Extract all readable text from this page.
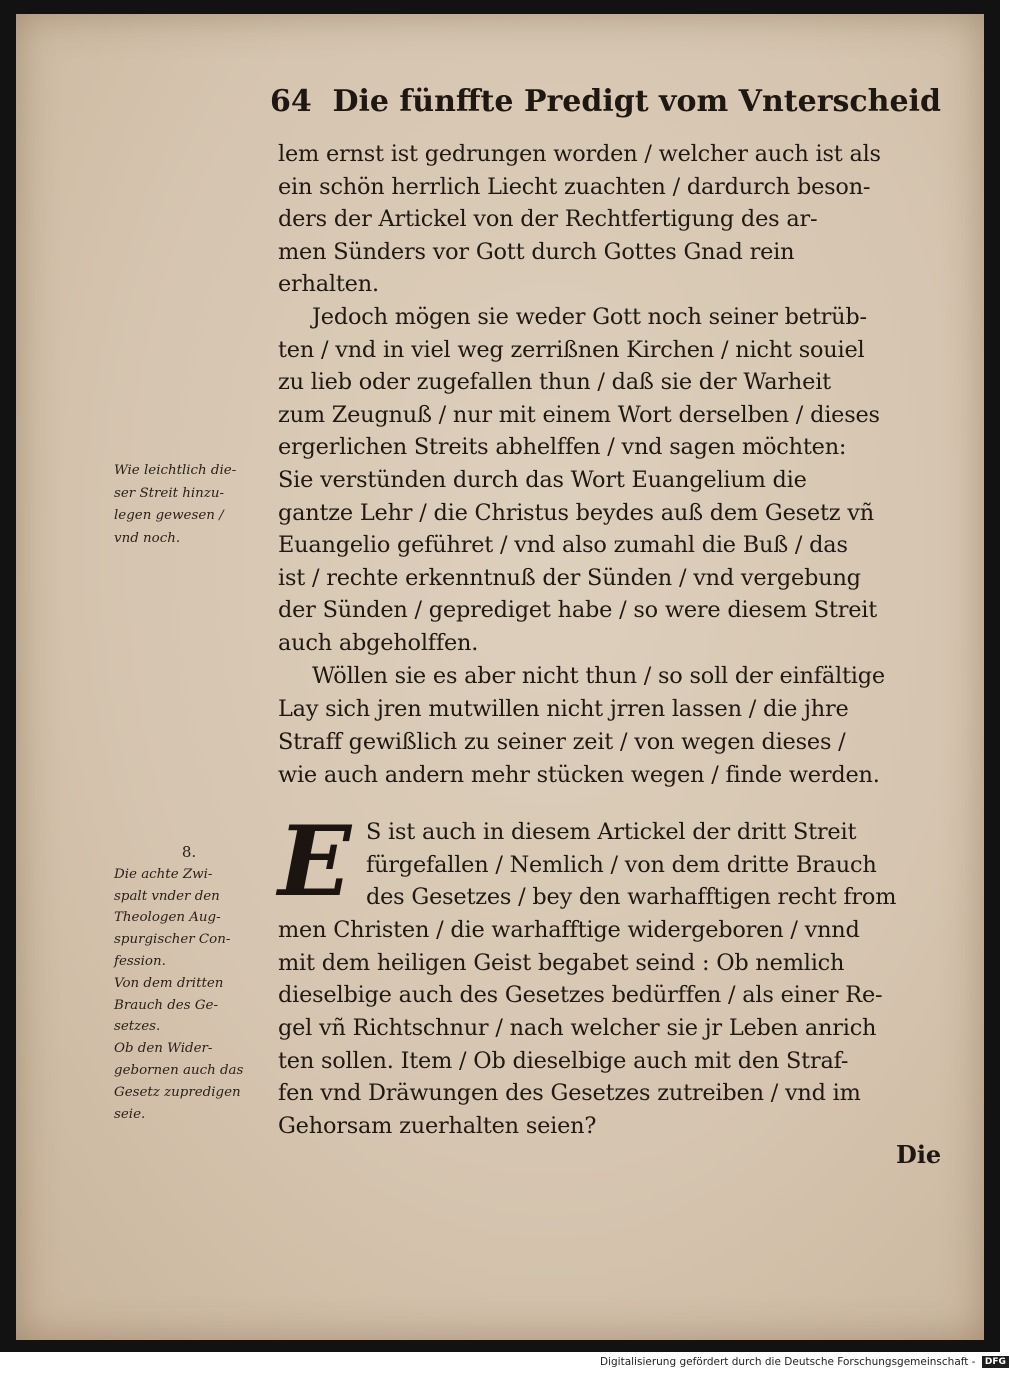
64 Die fünffte Predigt vom Vnterscheid
lem ernst ist gedrungen worden / welcher auch ist als
ein schön herrlich Liecht zuachten / dardurch beson-
ders der Artickel von der Rechtfertigung des ar-
men Sünders vor Gott durch Gottes Gnad rein
erhalten.
Jedoch mögen sie weder Gott noch seiner betrüb-
ten / vnd in viel weg zerrißnen Kirchen / nicht souiel
zu lieb oder zugefallen thun / daß sie der Warheit
zum Zeugnuß / nur mit einem Wort derselben / dieses
ergerlichen Streits abhelffen / vnd sagen möchten:
Sie verstünden durch das Wort Euangelium die
gantze Lehr / die Christus beydes auß dem Gesetz vñ
Euangelio geführet / vnd also zumahl die Buß / das
ist / rechte erkenntnuß der Sünden / vnd vergebung
der Sünden / geprediget habe / so were diesem Streit
auch abgeholffen.
Wöllen sie es aber nicht thun / so soll der einfältige
Lay sich jren mutwillen nicht jrren lassen / die jhre
Straff gewißlich zu seiner zeit / von wegen dieses /
wie auch andern mehr stücken wegen / finde werden.
E S ist auch in diesem Artickel der dritt Streit
fürgefallen / Nemlich / von dem dritte Brauch
des Gesetzes / bey den warhafftigen recht from
men Christen / die warhafftige widergeboren / vnnd
mit dem heiligen Geist begabet seind : Ob nemlich
dieselbige auch des Gesetzes bedürffen / als einer Re-
gel vñ Richtschnur / nach welcher sie jr Leben anrich
ten sollen. Item / Ob dieselbige auch mit den Straf-
fen vnd Dräwungen des Gesetzes zutreiben / vnd im
Gehorsam zuerhalten seien?
Die
Wie leichtlich die-
ser Streit hinzu-
legen gewesen /
vnd noch.
8.
Die achte Zwi-
spalt vnder den
Theologen Aug-
spurgischer Con-
fession.
Von dem dritten
Brauch des Ge-
setzes.
Ob den Wider-
gebornen auch das
Gesetz zupredigen
seie.
Digitalisierung gefördert durch die Deutsche Forschungsgemeinschaft - DFG
